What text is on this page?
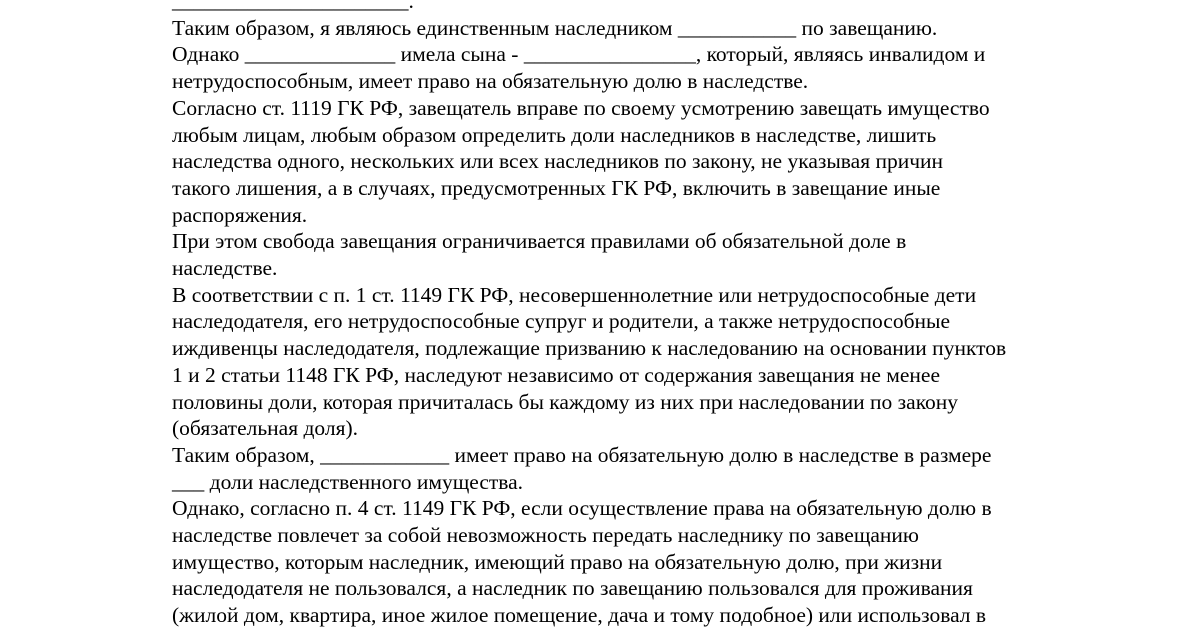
______________________.
Таким образом, я являюсь единственным наследником ___________ по завещанию.
Однако ______________ имела сына - ________________, который, являясь инвалидом и
нетрудоспособным, имеет право на обязательную долю в наследстве.
Согласно ст. 1119 ГК РФ, завещатель вправе по своему усмотрению завещать имущество
любым лицам, любым образом определить доли наследников в наследстве, лишить
наследства одного, нескольких или всех наследников по закону, не указывая причин
такого лишения, а в случаях, предусмотренных ГК РФ, включить в завещание иные
распоряжения.
При этом свобода завещания ограничивается правилами об обязательной доле в
наследстве.
В соответствии с п. 1 ст. 1149 ГК РФ, несовершеннолетние или нетрудоспособные дети
наследодателя, его нетрудоспособные супруг и родители, а также нетрудоспособные
иждивенцы наследодателя, подлежащие призванию к наследованию на основании пунктов
1 и 2 статьи 1148 ГК РФ, наследуют независимо от содержания завещания не менее
половины доли, которая причиталась бы каждому из них при наследовании по закону
(обязательная доля).
Таким образом, ____________ имеет право на обязательную долю в наследстве в размере
___ доли наследственного имущества.
Однако, согласно п. 4 ст. 1149 ГК РФ, если осуществление права на обязательную долю в
наследстве повлечет за собой невозможность передать наследнику по завещанию
имущество, которым наследник, имеющий право на обязательную долю, при жизни
наследодателя не пользовался, а наследник по завещанию пользовался для проживания
(жилой дом, квартира, иное жилое помещение, дача и тому подобное) или использовал в
